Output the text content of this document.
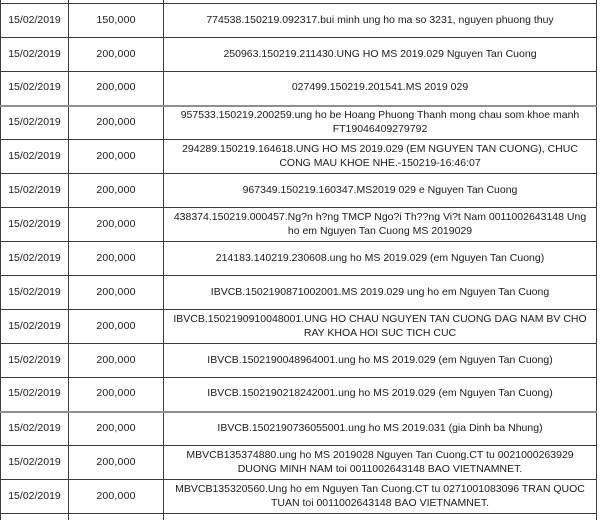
15/02/2019	150,000	774538.150219.092317.bui minh ung ho ma so 3231, nguyen phuong thuy
15/02/2019	200,000	250963.150219.211430.UNG HO MS 2019.029 Nguyen Tan Cuong
15/02/2019	200,000	027499.150219.201541.MS 2019 029
15/02/2019	200,000	957533.150219.200259.ung ho be Hoang Phuong Thanh mong chau som khoe manh FT19046409279792
15/02/2019	200,000	294289.150219.164618.UNG HO MS 2019.029 (EM NGUYEN TAN CUONG), CHUC CONG MAU KHOE NHE.-150219-16:46:07
15/02/2019	200,000	967349.150219.160347.MS2019 029 e Nguyen Tan Cuong
15/02/2019	200,000	438374.150219.000457.Ng?n h?ng TMCP Ngo?i Th??ng Vi?t Nam 0011002643148 Ung ho em Nguyen Tan Cuong MS 2019029
15/02/2019	200,000	214183.140219.230608.ung ho MS 2019.029 (em Nguyen Tan Cuong)
15/02/2019	200,000	IBVCB.1502190871002001.MS 2019.029 ung ho em Nguyen Tan Cuong
15/02/2019	200,000	IBVCB.1502190910048001.UNG HO CHAU NGUYEN TAN CUONG DAG NAM BV CHO RAY KHOA HOI SUC TICH CUC
15/02/2019	200,000	IBVCB.1502190048964001.ung ho MS 2019.029 (em Nguyen Tan Cuong)
15/02/2019	200,000	IBVCB.1502190218242001.ung ho MS 2019.029 (em Nguyen Tan Cuong)
15/02/2019	200,000	IBVCB.1502190736055001.ung ho MS 2019.031 (gia Dinh ba Nhung)
15/02/2019	200,000	MBVCB135374880.ung ho MS 2019028 Nguyen Tan Cuong.CT tu 0021000263929 DUONG MINH NAM toi 0011002643148 BAO VIETNAMNET.
15/02/2019	200,000	MBVCB135320560.Ung ho em Nguyen Tan Cuong.CT tu 0271001083096 TRAN QUOC TUAN toi 0011002643148 BAO VIETNAMNET.
